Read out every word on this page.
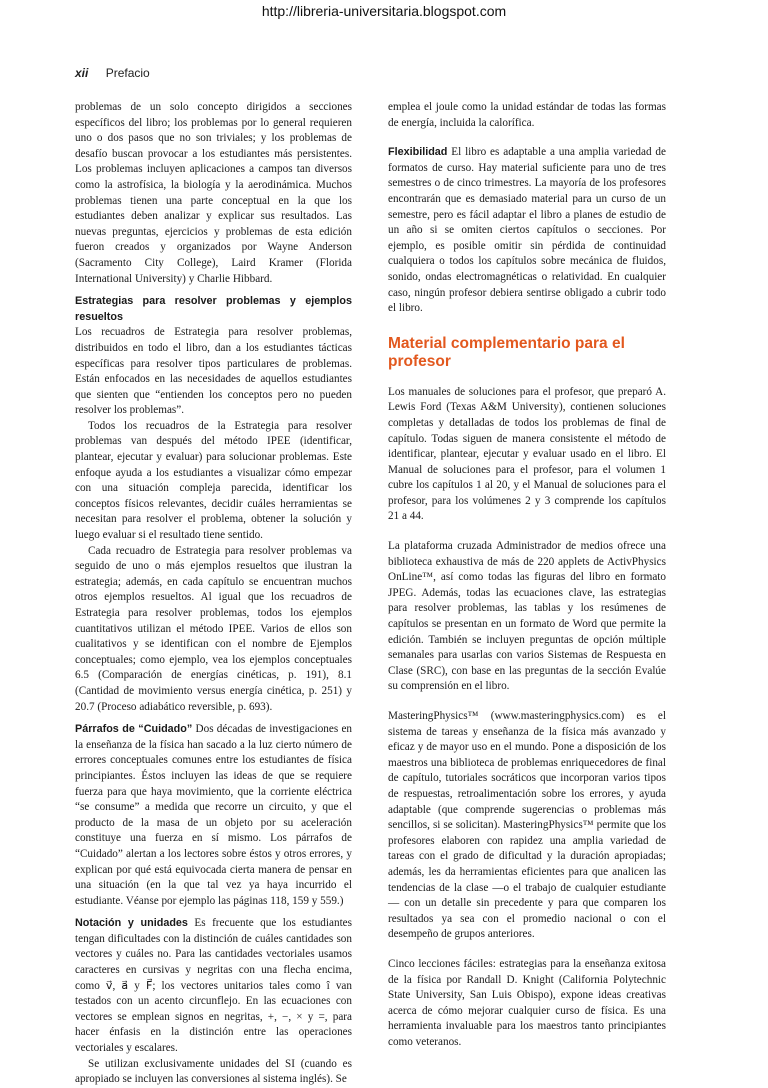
http://libreria-universitaria.blogspot.com
xii Prefacio

problemas de un solo concepto dirigidos a secciones específicos del libro; los problemas por lo general requieren uno o dos pasos que no son triviales; y los problemas de desafío buscan provocar a los estudiantes más persistentes. Los problemas incluyen aplicaciones a campos tan diversos como la astrofísica, la biología y la aerodinámica. Muchos problemas tienen una parte conceptual en la que los estudiantes deben analizar y explicar sus resultados. Las nuevas preguntas, ejercicios y problemas de esta edición fueron creados y organizados por Wayne Anderson (Sacramento City College), Laird Kramer (Florida International University) y Charlie Hibbard.

Estrategias para resolver problemas y ejemplos resueltos

Los recuadros de Estrategia para resolver problemas, distribuidos en todo el libro, dan a los estudiantes tácticas específicas para resolver tipos particulares de problemas. Están enfocados en las necesidades de aquellos estudiantes que sienten que “entienden los conceptos pero no pueden resolver los problemas”.

Todos los recuadros de la Estrategia para resolver problemas van después del método IPEE (identificar, plantear, ejecutar y evaluar) para solucionar problemas. Este enfoque ayuda a los estudiantes a visualizar cómo empezar con una situación compleja parecida, identificar los conceptos físicos relevantes, decidir cuáles herramientas se necesitan para resolver el problema, obtener la solución y luego evaluar si el resultado tiene sentido.

Cada recuadro de Estrategia para resolver problemas va seguido de uno o más ejemplos resueltos que ilustran la estrategia; además, en cada capítulo se encuentran muchos otros ejemplos resueltos. Al igual que los recuadros de Estrategia para resolver problemas, todos los ejemplos cuantitativos utilizan el método IPEE. Varios de ellos son cualitativos y se identifican con el nombre de Ejemplos conceptuales; como ejemplo, vea los ejemplos conceptuales 6.5 (Comparación de energías cinéticas, p. 191), 8.1 (Cantidad de movimiento versus energía cinética, p. 251) y 20.7 (Proceso adiabático reversible, p. 693).

Párrafos de “Cuidado” Dos décadas de investigaciones en la enseñanza de la física han sacado a la luz cierto número de errores conceptuales comunes entre los estudiantes de física principiantes. Éstos incluyen las ideas de que se requiere fuerza para que haya movimiento, que la corriente eléctrica “se consume” a medida que recorre un circuito, y que el producto de la masa de un objeto por su aceleración constituye una fuerza en sí mismo. Los párrafos de “Cuidado” alertan a los lectores sobre éstos y otros errores, y explican por qué está equivocada cierta manera de pensar en una situación (en la que tal vez ya haya incurrido el estudiante. Véanse por ejemplo las páginas 118, 159 y 559.)

Notación y unidades Es frecuente que los estudiantes tengan dificultades con la distinción de cuáles cantidades son vectores y cuáles no. Para las cantidades vectoriales usamos caracteres en cursivas y negritas con una flecha encima, como v⃗, a⃗ y F⃗; los vectores unitarios tales como î van testados con un acento circunflejo. En las ecuaciones con vectores se emplean signos en negritas, +, −, × y =, para hacer énfasis en la distinción entre las operaciones vectoriales y escalares.

Se utilizan exclusivamente unidades del SI (cuando es apropiado se incluyen las conversiones al sistema inglés). Se

emplea el joule como la unidad estándar de todas las formas de energía, incluida la calorífica.

Flexibilidad El libro es adaptable a una amplia variedad de formatos de curso. Hay material suficiente para uno de tres semestres o de cinco trimestres. La mayoría de los profesores encontrarán que es demasiado material para un curso de un semestre, pero es fácil adaptar el libro a planes de estudio de un año si se omiten ciertos capítulos o secciones. Por ejemplo, es posible omitir sin pérdida de continuidad cualquiera o todos los capítulos sobre mecánica de fluidos, sonido, ondas electromagnéticas o relatividad. En cualquier caso, ningún profesor debiera sentirse obligado a cubrir todo el libro.

Material complementario para el profesor

Los manuales de soluciones para el profesor, que preparó A. Lewis Ford (Texas A&M University), contienen soluciones completas y detalladas de todos los problemas de final de capítulo. Todas siguen de manera consistente el método de identificar, plantear, ejecutar y evaluar usado en el libro. El Manual de soluciones para el profesor, para el volumen 1 cubre los capítulos 1 al 20, y el Manual de soluciones para el profesor, para los volúmenes 2 y 3 comprende los capítulos 21 a 44.

La plataforma cruzada Administrador de medios ofrece una biblioteca exhaustiva de más de 220 applets de ActivPhysics OnLine™, así como todas las figuras del libro en formato JPEG. Además, todas las ecuaciones clave, las estrategias para resolver problemas, las tablas y los resúmenes de capítulos se presentan en un formato de Word que permite la edición. También se incluyen preguntas de opción múltiple semanales para usarlas con varios Sistemas de Respuesta en Clase (SRC), con base en las preguntas de la sección Evalúe su comprensión en el libro.

MasteringPhysics™ (www.masteringphysics.com) es el sistema de tareas y enseñanza de la física más avanzado y eficaz y de mayor uso en el mundo. Pone a disposición de los maestros una biblioteca de problemas enriquecedores de final de capítulo, tutoriales socráticos que incorporan varios tipos de respuestas, retroalimentación sobre los errores, y ayuda adaptable (que comprende sugerencias o problemas más sencillos, si se solicitan). MasteringPhysics™ permite que los profesores elaboren con rapidez una amplia variedad de tareas con el grado de dificultad y la duración apropiadas; además, les da herramientas eficientes para que analicen las tendencias de la clase —o el trabajo de cualquier estudiante— con un detalle sin precedente y para que comparen los resultados ya sea con el promedio nacional o con el desempeño de grupos anteriores.

Cinco lecciones fáciles: estrategias para la enseñanza exitosa de la física por Randall D. Knight (California Polytechnic State University, San Luis Obispo), expone ideas creativas acerca de cómo mejorar cualquier curso de física. Es una herramienta invaluable para los maestros tanto principiantes como veteranos.
